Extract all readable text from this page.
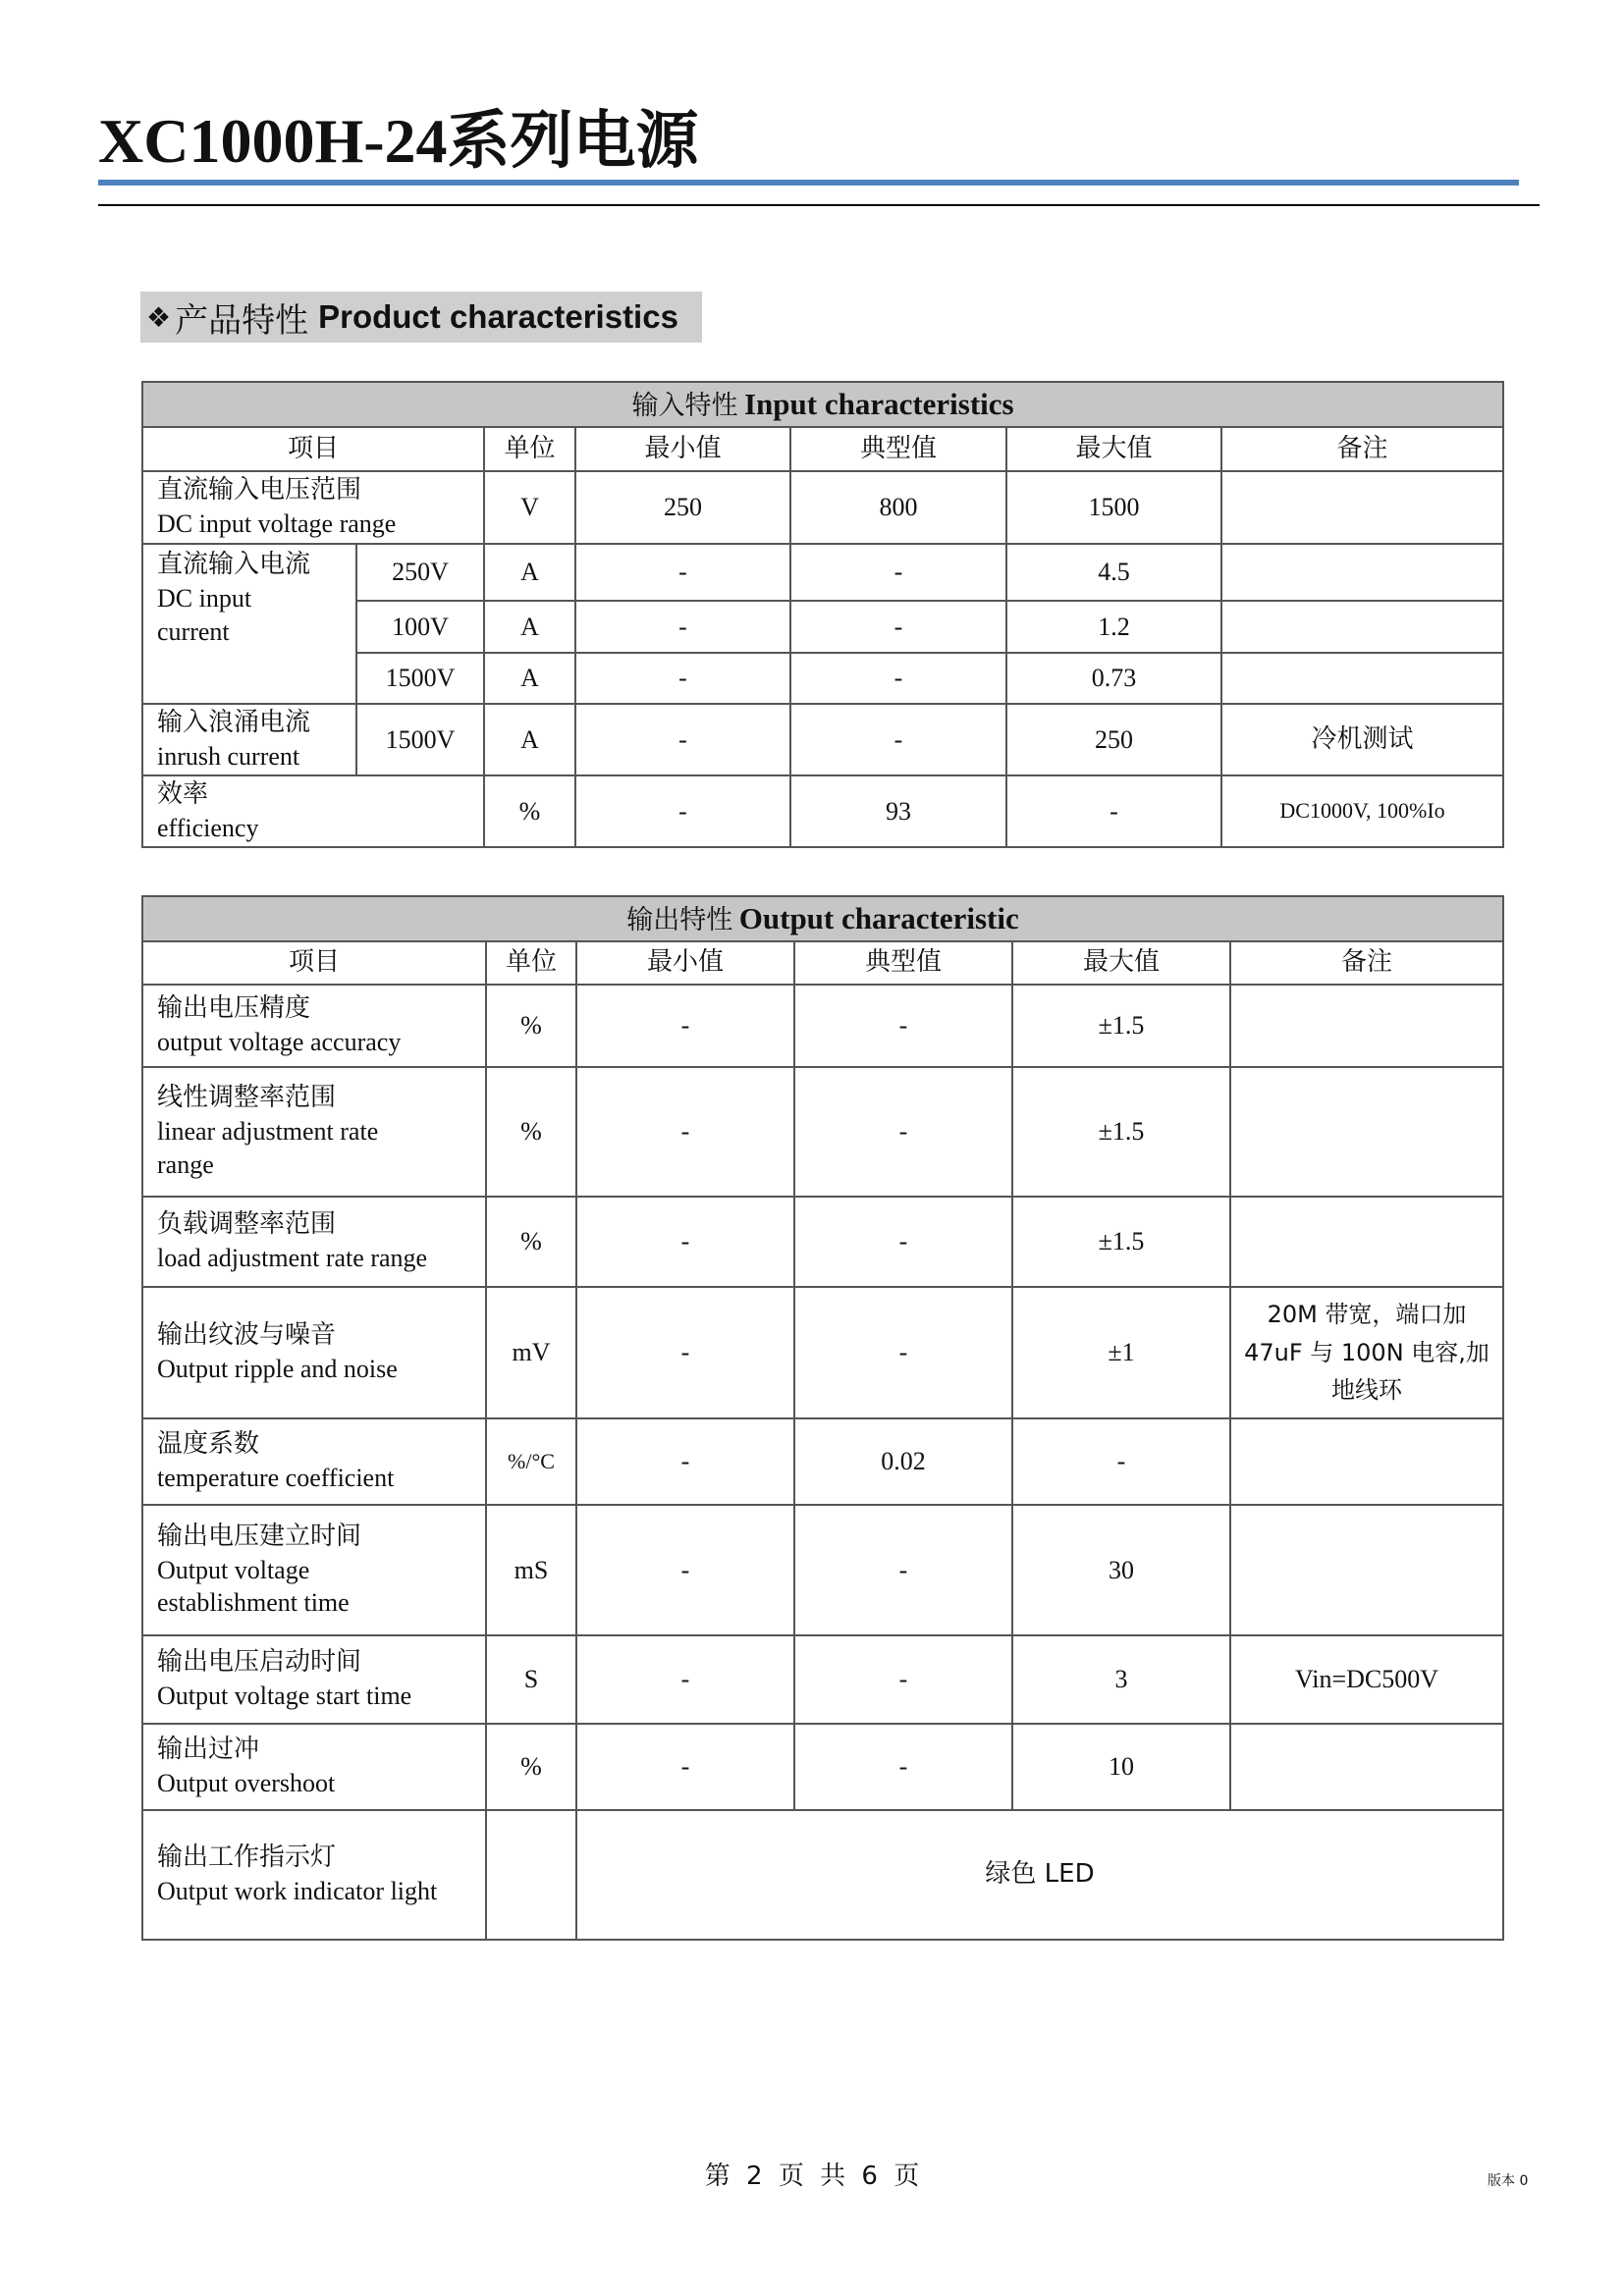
XC1000H-24系列电源
❖ 产品特性 Product characteristics
输入特性 Input characteristics						
项目		单位	最小值	典型值	最大值	备注

直流输入电压范围
DC input voltage range		V	250	800	1500	

直流输入电流
DC input
current	250V	A	-	-	4.5	
	100V	A	-	-	1.2	
	1500V	A	-	-	0.73	

输入浪涌电流
inrush current	1500V	A	-	-	250	冷机测试

效率
efficiency		%	-	93	-	DC1000V, 100%Io
输出特性 Output characteristic					
项目	单位	最小值	典型值	最大值	备注

输出电压精度
output voltage accuracy	%	-	-	±1.5	

线性调整率范围
linear adjustment rate range	%	-	-	±1.5	

负载调整率范围
load adjustment rate range	%	-	-	±1.5	

输出纹波与噪音
Output ripple and noise	mV	-	-	±1	20M 带宽，端口加47uF 与 100N 电容,加地线环

温度系数
temperature coefficient	%/°C	-	0.02	-	

输出电压建立时间
Output voltage establishment time	mS	-	-	30	

输出电压启动时间
Output voltage start time	S	-	-	3	Vin=DC500V

输出过冲
Output overshoot	%	-	-	10	

输出工作指示灯
Output work indicator light		绿色 LED			
第 2 页 共 6 页	版本 0
